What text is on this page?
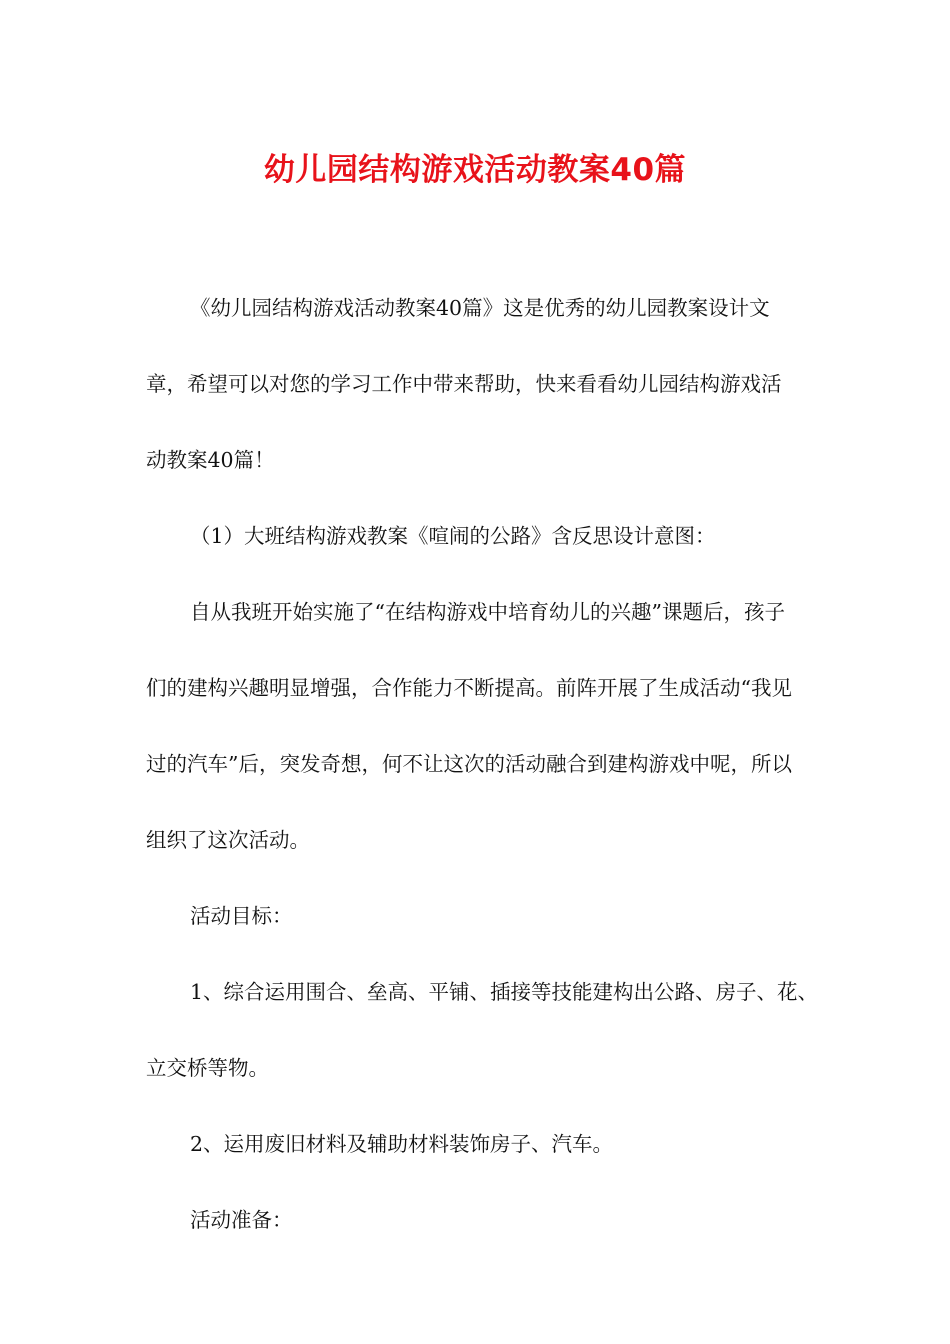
幼儿园结构游戏活动教案40篇

《幼儿园结构游戏活动教案40篇》这是优秀的幼儿园教案设计文章，希望可以对您的学习工作中带来帮助，快来看看幼儿园结构游戏活动教案40篇！

（1）大班结构游戏教案《喧闹的公路》含反思设计意图：

自从我班开始实施了“在结构游戏中培育幼儿的兴趣”课题后，孩子们的建构兴趣明显增强，合作能力不断提高。前阵开展了生成活动“我见过的汽车”后，突发奇想，何不让这次的活动融合到建构游戏中呢，所以组织了这次活动。

活动目标：

1、综合运用围合、垒高、平铺、插接等技能建构出公路、房子、花、立交桥等物。

2、运用废旧材料及辅助材料装饰房子、汽车。

活动准备：
